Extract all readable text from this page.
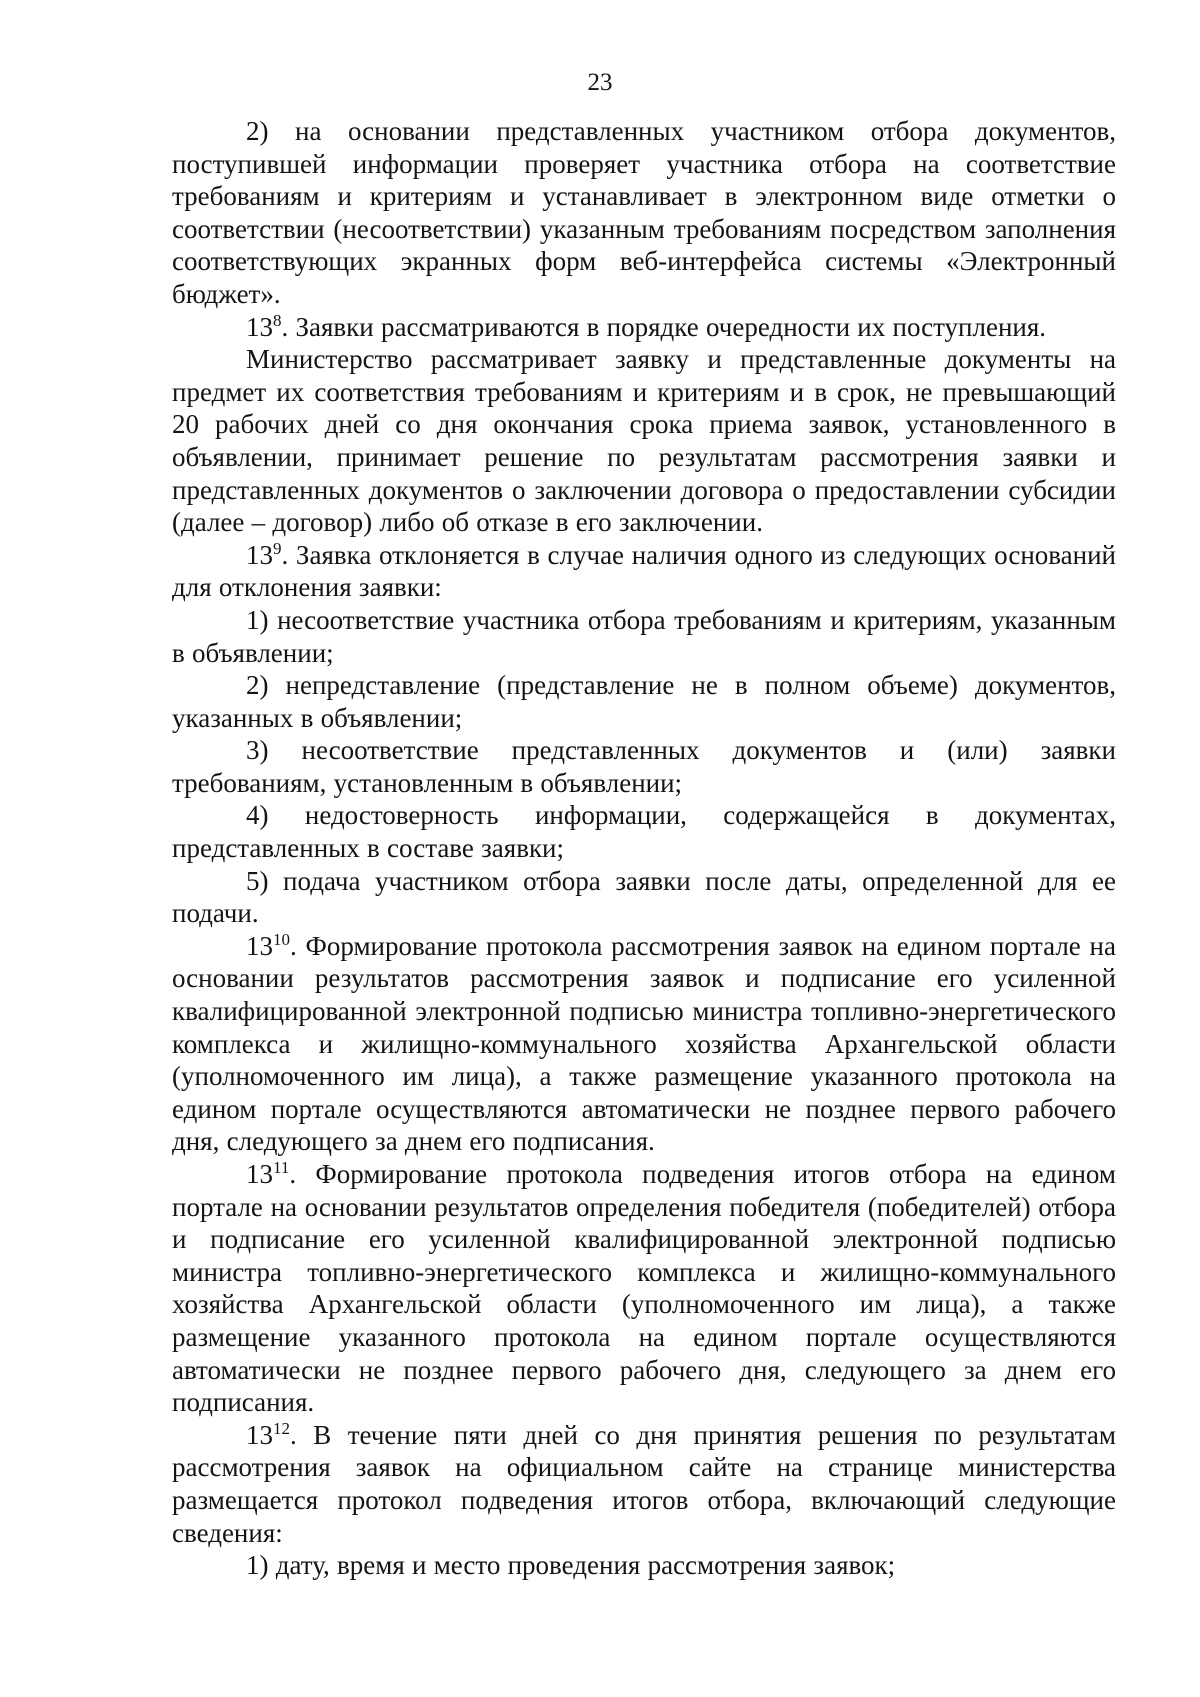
23

2) на основании представленных участником отбора документов, поступившей информации проверяет участника отбора на соответствие требованиям и критериям и устанавливает в электронном виде отметки о соответствии (несоответствии) указанным требованиям посредством заполнения соответствующих экранных форм веб-интерфейса системы «Электронный бюджет».

$13^8$. Заявки рассматриваются в порядке очередности их поступления.

Министерство рассматривает заявку и представленные документы на предмет их соответствия требованиям и критериям и в срок, не превышающий 20 рабочих дней со дня окончания срока приема заявок, установленного в объявлении, принимает решение по результатам рассмотрения заявки и представленных документов о заключении договора о предоставлении субсидии (далее – договор) либо об отказе в его заключении.

$13^9$. Заявка отклоняется в случае наличия одного из следующих оснований для отклонения заявки:

1) несоответствие участника отбора требованиям и критериям, указанным в объявлении;

2) непредставление (представление не в полном объеме) документов, указанных в объявлении;

3) несоответствие представленных документов и (или) заявки требованиям, установленным в объявлении;

4) недостоверность информации, содержащейся в документах, представленных в составе заявки;

5) подача участником отбора заявки после даты, определенной для ее подачи.

$13^{10}$. Формирование протокола рассмотрения заявок на едином портале на основании результатов рассмотрения заявок и подписание его усиленной квалифицированной электронной подписью министра топливно-энергетического комплекса и жилищно-коммунального хозяйства Архангельской области (уполномоченного им лица), а также размещение указанного протокола на едином портале осуществляются автоматически не позднее первого рабочего дня, следующего за днем его подписания.

$13^{11}$. Формирование протокола подведения итогов отбора на едином портале на основании результатов определения победителя (победителей) отбора и подписание его усиленной квалифицированной электронной подписью министра топливно-энергетического комплекса и жилищно-коммунального хозяйства Архангельской области (уполномоченного им лица), а также размещение указанного протокола на едином портале осуществляются автоматически не позднее первого рабочего дня, следующего за днем его подписания.

$13^{12}$. В течение пяти дней со дня принятия решения по результатам рассмотрения заявок на официальном сайте на странице министерства размещается протокол подведения итогов отбора, включающий следующие сведения:

1) дату, время и место проведения рассмотрения заявок;
